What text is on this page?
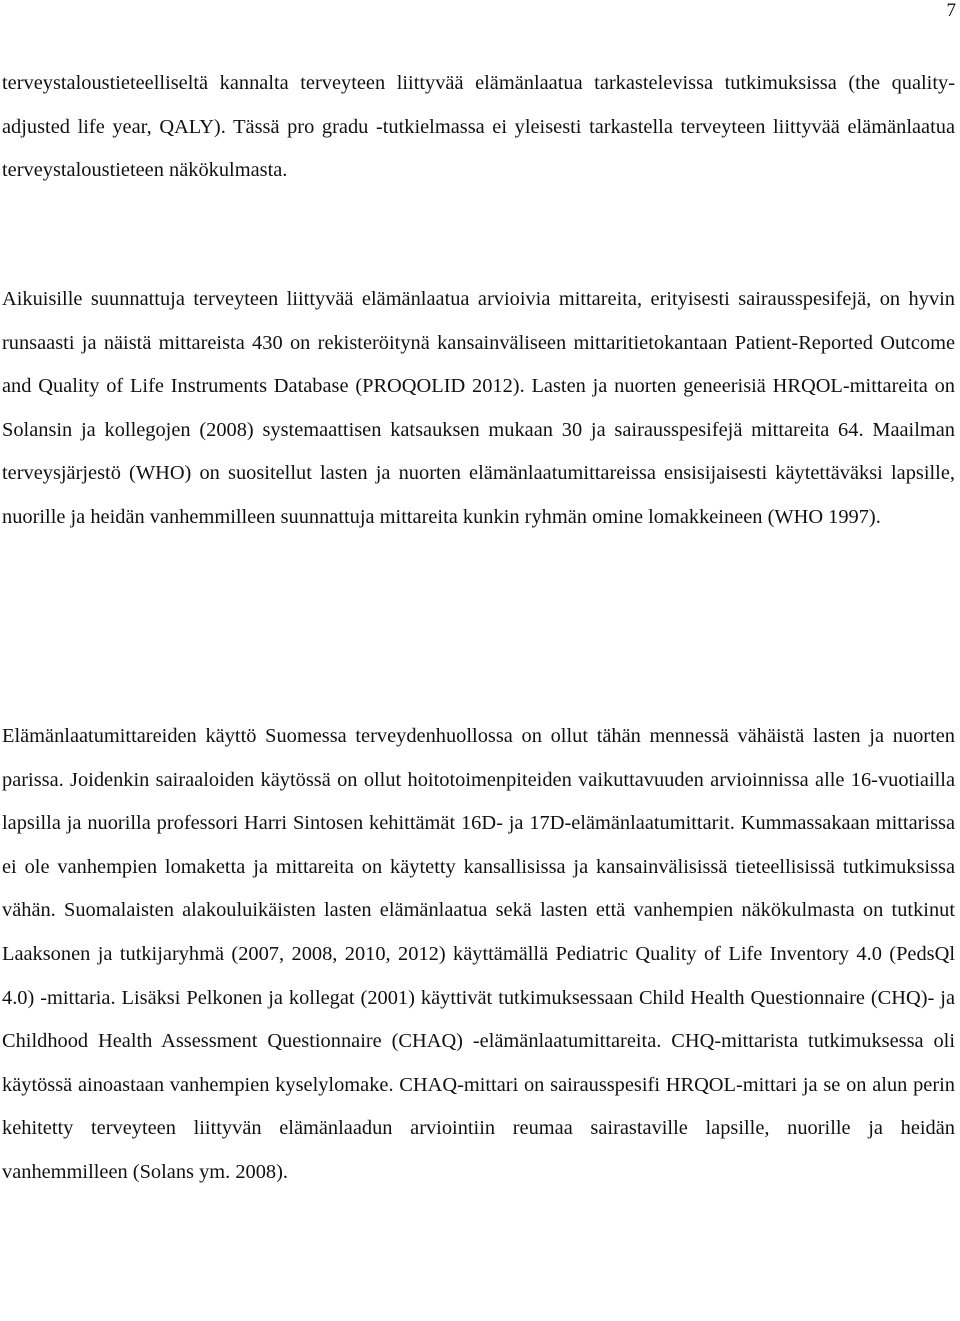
7

terveystaloustieteelliseltä kannalta terveyteen liittyvää elämänlaatua tarkastelevissa tutkimuksissa (the quality-adjusted life year, QALY). Tässä pro gradu -tutkielmassa ei yleisesti tarkastella terveyteen liittyvää elämänlaatua terveystaloustieteen näkökulmasta.

Aikuisille suunnattuja terveyteen liittyvää elämänlaatua arvioivia mittareita, erityisesti sairausspesifejä, on hyvin runsaasti ja näistä mittareista 430 on rekisteröitynä kansainväliseen mittaritietokantaan Patient-Reported Outcome and Quality of Life Instruments Database (PROQOLID 2012). Lasten ja nuorten geneerisiä HRQOL-mittareita on Solansin ja kollegojen (2008) systemaattisen katsauksen mukaan 30 ja sairausspesifejä mittareita 64. Maailman terveysjärjestö (WHO) on suositellut lasten ja nuorten elämänlaatumittareissa ensisijaisesti käytettäväksi lapsille, nuorille ja heidän vanhemmilleen suunnattuja mittareita kunkin ryhmän omine lomakkeineen (WHO 1997).

Elämänlaatumittareiden käyttö Suomessa terveydenhuollossa on ollut tähän mennessä vähäistä lasten ja nuorten parissa. Joidenkin sairaaloiden käytössä on ollut hoitotoimenpiteiden vaikuttavuuden arvioinnissa alle 16-vuotiailla lapsilla ja nuorilla professori Harri Sintosen kehittämät 16D- ja 17D-elämänlaatumittarit. Kummassakaan mittarissa ei ole vanhempien lomaketta ja mittareita on käytetty kansallisissa ja kansainvälisissä tieteellisissä tutkimuksissa vähän. Suomalaisten alakouluikäisten lasten elämänlaatua sekä lasten että vanhempien näkökulmasta on tutkinut Laaksonen ja tutkijaryhmä (2007, 2008, 2010, 2012) käyttämällä Pediatric Quality of Life Inventory 4.0 (PedsQl 4.0) -mittaria. Lisäksi Pelkonen ja kollegat (2001) käyttivät tutkimuksessaan Child Health Questionnaire (CHQ)- ja Childhood Health Assessment Questionnaire (CHAQ) -elämänlaatumittareita. CHQ-mittarista tutkimuksessa oli käytössä ainoastaan vanhempien kyselylomake. CHAQ-mittari on sairausspesifi HRQOL-mittari ja se on alun perin kehitetty terveyteen liittyvän elämänlaadun arviointiin reumaa sairastaville lapsille, nuorille ja heidän vanhemmilleen (Solans ym. 2008).
